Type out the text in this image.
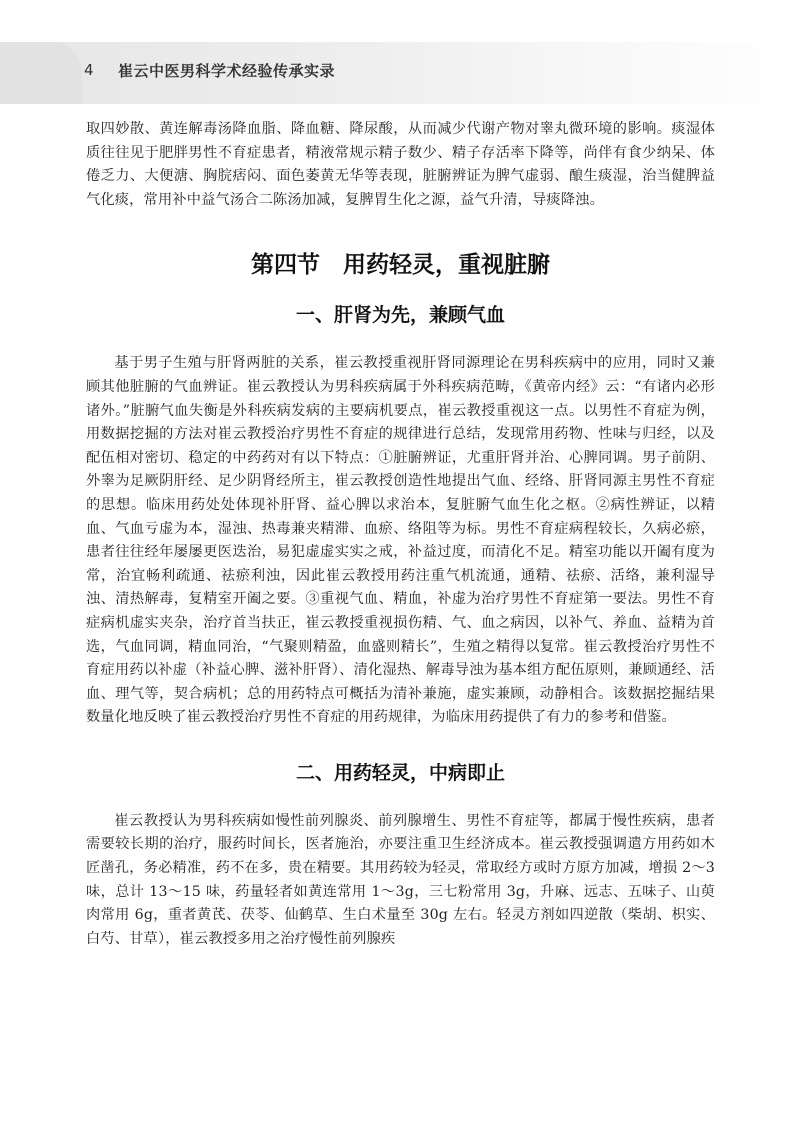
4 崔云中医男科学术经验传承实录

取四妙散、黄连解毒汤降血脂、降血糖、降尿酸，从而减少代谢产物对睾丸微环境的影响。痰湿体质往往见于肥胖男性不育症患者，精液常规示精子数少、精子存活率下降等，尚伴有食少纳呆、体倦乏力、大便溏、胸脘痞闷、面色萎黄无华等表现，脏腑辨证为脾气虚弱、酿生痰湿，治当健脾益气化痰，常用补中益气汤合二陈汤加减，复脾胃生化之源，益气升清，导痰降浊。

第四节　用药轻灵，重视脏腑
一、肝肾为先，兼顾气血

基于男子生殖与肝肾两脏的关系，崔云教授重视肝肾同源理论在男科疾病中的应用，同时又兼顾其他脏腑的气血辨证。崔云教授认为男科疾病属于外科疾病范畴，《黄帝内经》云：“有诸内必形诸外。”脏腑气血失衡是外科疾病发病的主要病机要点，崔云教授重视这一点。以男性不育症为例，用数据挖掘的方法对崔云教授治疗男性不育症的规律进行总结，发现常用药物、性味与归经，以及配伍相对密切、稳定的中药药对有以下特点：①脏腑辨证，尤重肝肾并治、心脾同调。男子前阴、外睾为足厥阴肝经、足少阴肾经所主，崔云教授创造性地提出气血、经络、肝肾同源主男性不育症的思想。临床用药处处体现补肝肾、益心脾以求治本，复脏腑气血生化之枢。②病性辨证，以精血、气血亏虚为本，湿浊、热毒兼夹精滞、血瘀、络阻等为标。男性不育症病程较长，久病必瘀，患者往往经年屡屡更医迭治，易犯虚虚实实之戒，补益过度，而清化不足。精室功能以开阖有度为常，治宜畅利疏通、祛瘀利浊，因此崔云教授用药注重气机流通，通精、祛瘀、活络，兼利湿导浊、清热解毒，复精室开阖之要。③重视气血、精血，补虚为治疗男性不育症第一要法。男性不育症病机虚实夹杂，治疗首当扶正，崔云教授重视损伤精、气、血之病因，以补气、养血、益精为首选，气血同调，精血同治，“气聚则精盈，血盛则精长”，生殖之精得以复常。崔云教授治疗男性不育症用药以补虚（补益心脾、滋补肝肾）、清化湿热、解毒导浊为基本组方配伍原则，兼顾通经、活血、理气等，契合病机；总的用药特点可概括为清补兼施，虚实兼顾，动静相合。该数据挖掘结果数量化地反映了崔云教授治疗男性不育症的用药规律，为临床用药提供了有力的参考和借鉴。

二、用药轻灵，中病即止

崔云教授认为男科疾病如慢性前列腺炎、前列腺增生、男性不育症等，都属于慢性疾病，患者需要较长期的治疗，服药时间长，医者施治，亦要注重卫生经济成本。崔云教授强调遣方用药如木匠凿孔，务必精准，药不在多，贵在精要。其用药较为轻灵，常取经方或时方原方加减，增损 2～3 味，总计 13～15 味，药量轻者如黄连常用 1～3g，三七粉常用 3g，升麻、远志、五味子、山萸肉常用 6g，重者黄芪、茯苓、仙鹤草、生白术量至 30g 左右。轻灵方剂如四逆散（柴胡、枳实、白芍、甘草），崔云教授多用之治疗慢性前列腺疾
